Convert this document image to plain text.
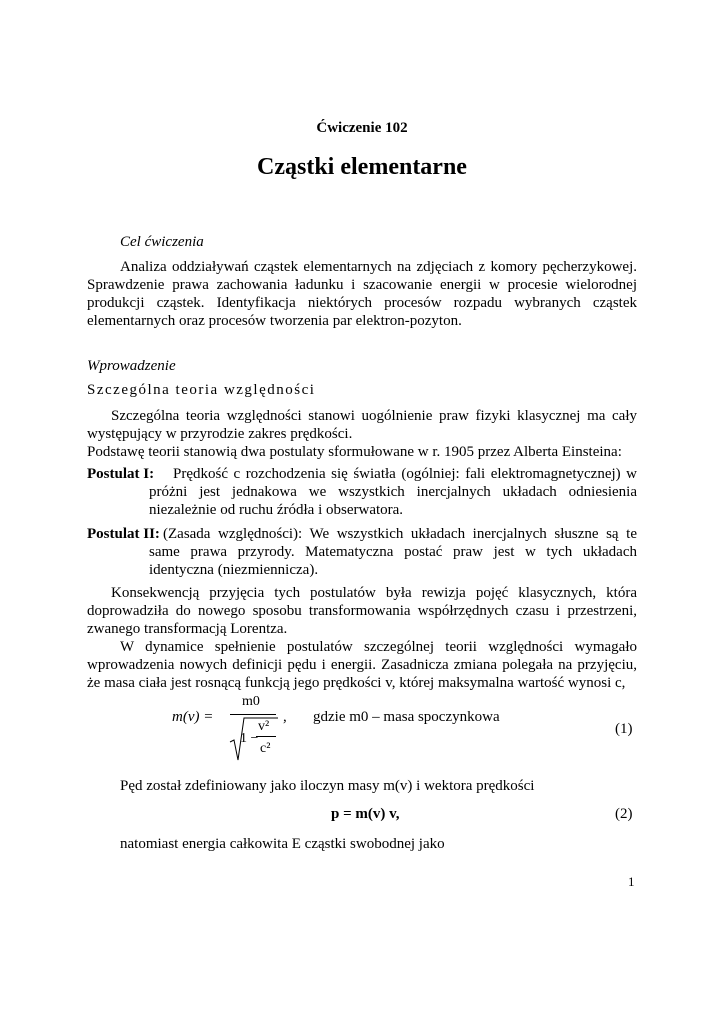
Ćwiczenie 102
Cząstki elementarne
Cel ćwiczenia

Analiza oddziaływań cząstek elementarnych na zdjęciach z komory pęcherzykowej. Sprawdzenie prawa zachowania ładunku i szacowanie energii w procesie wielorodnej produkcji cząstek. Identyfikacja niektórych procesów rozpadu wybranych cząstek elementarnych oraz procesów tworzenia par elektron-pozyton.

Wprowadzenie
Szczególna teoria względności

Szczególna teoria względności stanowi uogólnienie praw fizyki klasycznej ma cały występujący w przyrodzie zakres prędkości.

Podstawę teorii stanowią dwa postulaty sformułowane w r. 1905 przez Alberta Einsteina:

Postulat I:	Prędkość c rozchodzenia się światła (ogólniej: fali elektromagnetycznej) w próżni jest jednakowa we wszystkich inercjalnych układach odniesienia niezależnie od ruchu źródła i obserwatora.
Postulat II: (Zasada względności): We wszystkich układach inercjalnych słuszne są te same prawa przyrody. Matematyczna postać praw jest w tych układach identyczna (niezmiennicza).

Konsekwencją przyjęcia tych postulatów była rewizja pojęć klasycznych, która doprowadziła do nowego sposobu transformowania współrzędnych czasu i przestrzeni, zwanego transformacją Lorentza.

W dynamice spełnienie postulatów szczególnej teorii względności wymagało wprowadzenia nowych definicji pędu i energii. Zasadnicza zmiana polegała na przyjęciu, że masa ciała jest rosnącą funkcją jego prędkości v, której maksymalna wartość wynosi c,

m(v) =
m0
1 −
v²
c²
, gdzie m0 – masa spoczynkowa
(1)
Pęd został zdefiniowany jako iloczyn masy m(v) i wektora prędkości
p = m(v) v,	(2)
natomiast energia całkowita E cząstki swobodnej jako
1
